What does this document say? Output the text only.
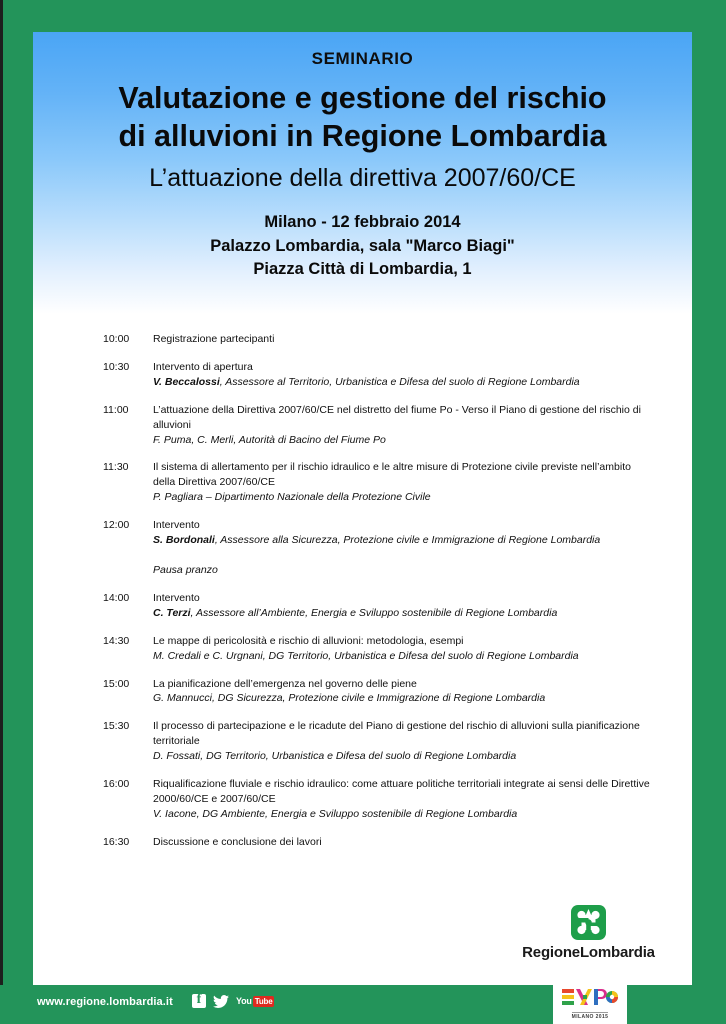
SEMINARIO
Valutazione e gestione del rischio
di alluvioni in Regione Lombardia
L’attuazione della direttiva 2007/60/CE
Milano - 12 febbraio 2014
Palazzo Lombardia, sala "Marco Biagi"
Piazza Città di Lombardia, 1
10:00	Registrazione partecipanti
10:30	Intervento di apertura
V. Beccalossi, Assessore al Territorio, Urbanistica e Difesa del suolo di Regione Lombardia
11:00	L’attuazione della Direttiva 2007/60/CE nel distretto del fiume Po - Verso il Piano di gestione del rischio di alluvioni
F. Puma, C. Merli, Autorità di Bacino del Fiume Po
11:30	Il sistema di allertamento per il rischio idraulico e le altre misure di Protezione civile previste nell’ambito della Direttiva 2007/60/CE
P. Pagliara – Dipartimento Nazionale della Protezione Civile
12:00	Intervento
S. Bordonali, Assessore alla Sicurezza, Protezione civile e Immigrazione di Regione Lombardia
Pausa pranzo
14:00	Intervento
C. Terzi, Assessore all’Ambiente, Energia e Sviluppo sostenibile di Regione Lombardia
14:30	Le mappe di pericolosità e rischio di alluvioni: metodologia, esempi
M. Credali e C. Urgnani, DG Territorio, Urbanistica e Difesa del suolo di Regione Lombardia
15:00	La pianificazione dell’emergenza nel governo delle piene
G. Mannucci, DG Sicurezza, Protezione civile e Immigrazione di Regione Lombardia
15:30	Il processo di partecipazione e le ricadute del Piano di gestione del rischio di alluvioni sulla pianificazione territoriale
D. Fossati, DG Territorio, Urbanistica e Difesa del suolo di Regione Lombardia
16:00	Riqualificazione fluviale e rischio idraulico: come attuare politiche territoriali integrate ai sensi delle Direttive 2000/60/CE e 2007/60/CE
V. Iacone, DG Ambiente, Energia e Sviluppo sostenibile di Regione Lombardia
16:30	Discussione e conclusione dei lavori
RegioneLombardia
www.regione.lombardia.it f	You Tube
MILANO 2015
